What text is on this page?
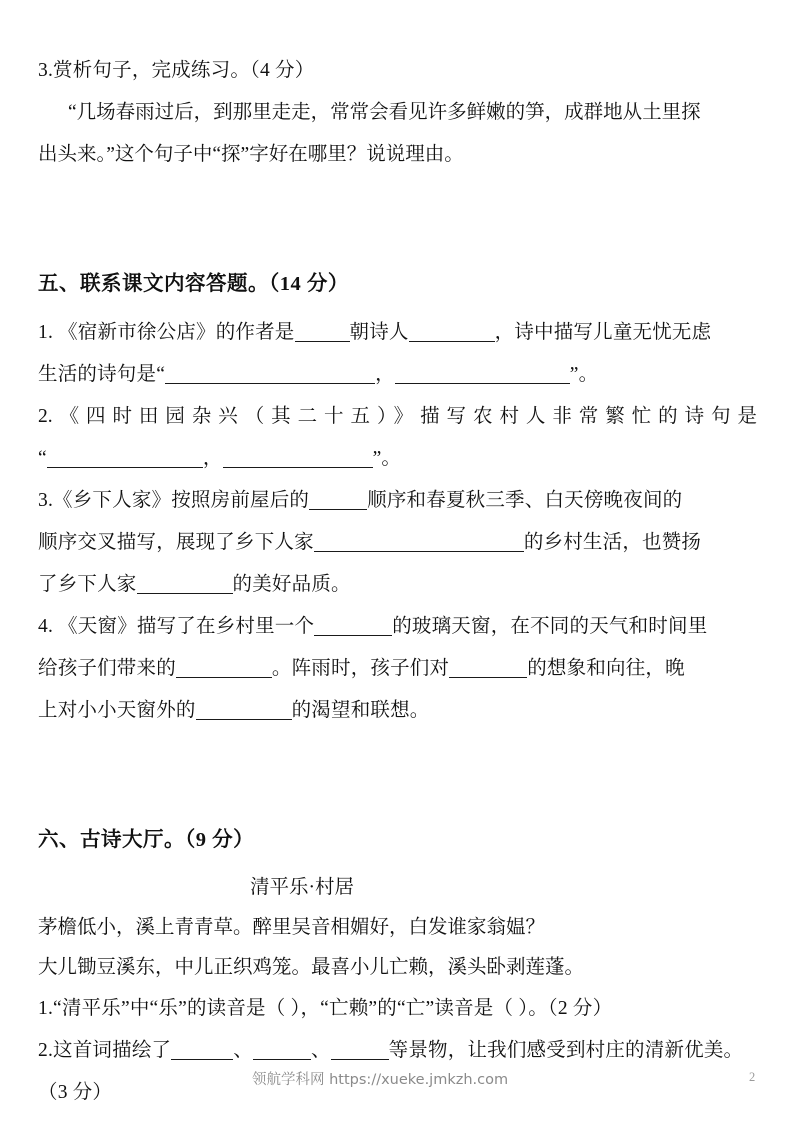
3.赏析句子，完成练习。（4 分）
“几场春雨过后，到那里走走，常常会看见许多鲜嫩的笋，成群地从土里探
出头来。”这个句子中“探”字好在哪里？说说理由。
五、联系课文内容答题。（14 分）
1. 《宿新市徐公店》的作者是	朝诗人	，诗中描写儿童无忧无虑
生活的诗句是“	，	”。
2.《四时田园杂兴（其二十五）》描写农村人非常繁忙的诗句是
“	，	”。
3.《乡下人家》按照房前屋后的	顺序和春夏秋三季、白天傍晚夜间的
顺序交叉描写，展现了乡下人家	的乡村生活，也赞扬
了乡下人家	的美好品质。
4. 《天窗》描写了在乡村里一个	的玻璃天窗，在不同的天气和时间里
给孩子们带来的	。阵雨时，孩子们对	的想象和向往，晚
上对小小天窗外的	的渴望和联想。
六、古诗大厅。（9 分）
清平乐·村居
茅檐低小，溪上青青草。醉里吴音相媚好，白发谁家翁媪？
大儿锄豆溪东，中儿正织鸡笼。最喜小儿亡赖，溪头卧剥莲蓬。
1.“清平乐”中“乐”的读音是（ ），“亡赖”的“亡”读音是（ ）。（2 分）
2.这首词描绘了	、	、	等景物，让我们感受到村庄的清新优美。
（3 分）
领航学科网 https://xueke.jmkzh.com	2
